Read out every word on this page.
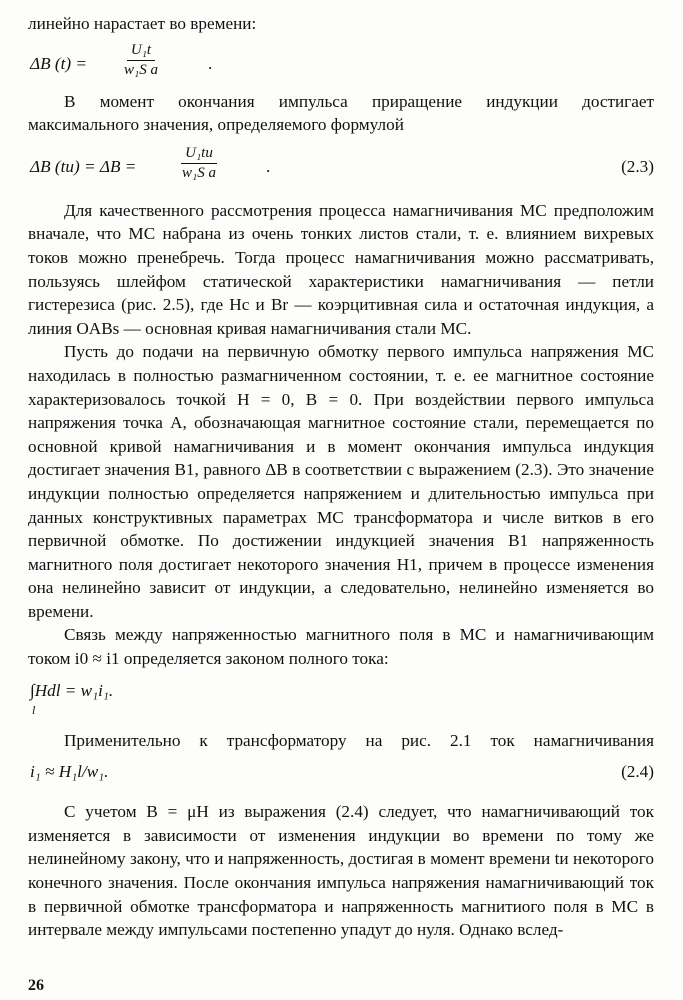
линейно нарастает во времени:

ΔB (t) =
U₁t
w₁S а	.

В момент окончания импульса приращение индукции достигает

максимального значения, определяемого формулой

ΔB (tи) = ΔB =
U₁tи
w₁S а	.	(2.3)

Для качественного рассмотрения процесса намагничивания МС предположим вначале, что МС набрана из очень тонких листов стали, т. е. влиянием вихревых токов можно пренебречь. Тогда процесс намагничивания можно рассматривать, пользуясь шлейфом статической характеристики намагничивания — петли гистерезиса (рис. 2.5), где Hc и Br — коэрцитивная сила и остаточная индукция, а линия OABs — основная кривая намагничивания стали МС.

Пусть до подачи на первичную обмотку первого импульса напряжения МС находилась в полностью размагниченном состоянии, т. е. ее магнитное состояние характеризовалось точкой H = 0, B = 0. При воздействии первого импульса напряжения точка A, обозначающая магнитное состояние стали, перемещается по основной кривой намагничивания и в момент окончания импульса индукция достигает значения B1, равного ΔB в соответствии с выражением (2.3). Это значение индукции полностью определяется напряжением и длительностью импульса при данных конструктивных параметрах МС трансформатора и числе витков в его первичной обмотке. По достижении индукцией значения B1 напряженность магнитного поля достигает некоторого значения H1, причем в процессе изменения она нелинейно зависит от индукции, а следовательно, нелинейно изменяется во времени.

Связь между напряженностью магнитного поля в МС и намагничивающим током i0 ≈ i1 определяется законом полного тока:

∫Hdl = w₁i₁.
l

Применительно к трансформатору на рис. 2.1 ток намагничивания

i₁ ≈ H₁l/w₁.	(2.4)

С учетом B = μH из выражения (2.4) следует, что намагничивающий ток изменяется в зависимости от изменения индукции во времени по тому же нелинейному закону, что и напряженность, достигая в момент времени tи некоторого конечного значения. После окончания импульса напряжения намагничивающий ток в первичной обмотке трансформатора и напряженность магнитиого поля в МС в интервале между импульсами постепенно упадут до нуля. Однако вслед-

26
